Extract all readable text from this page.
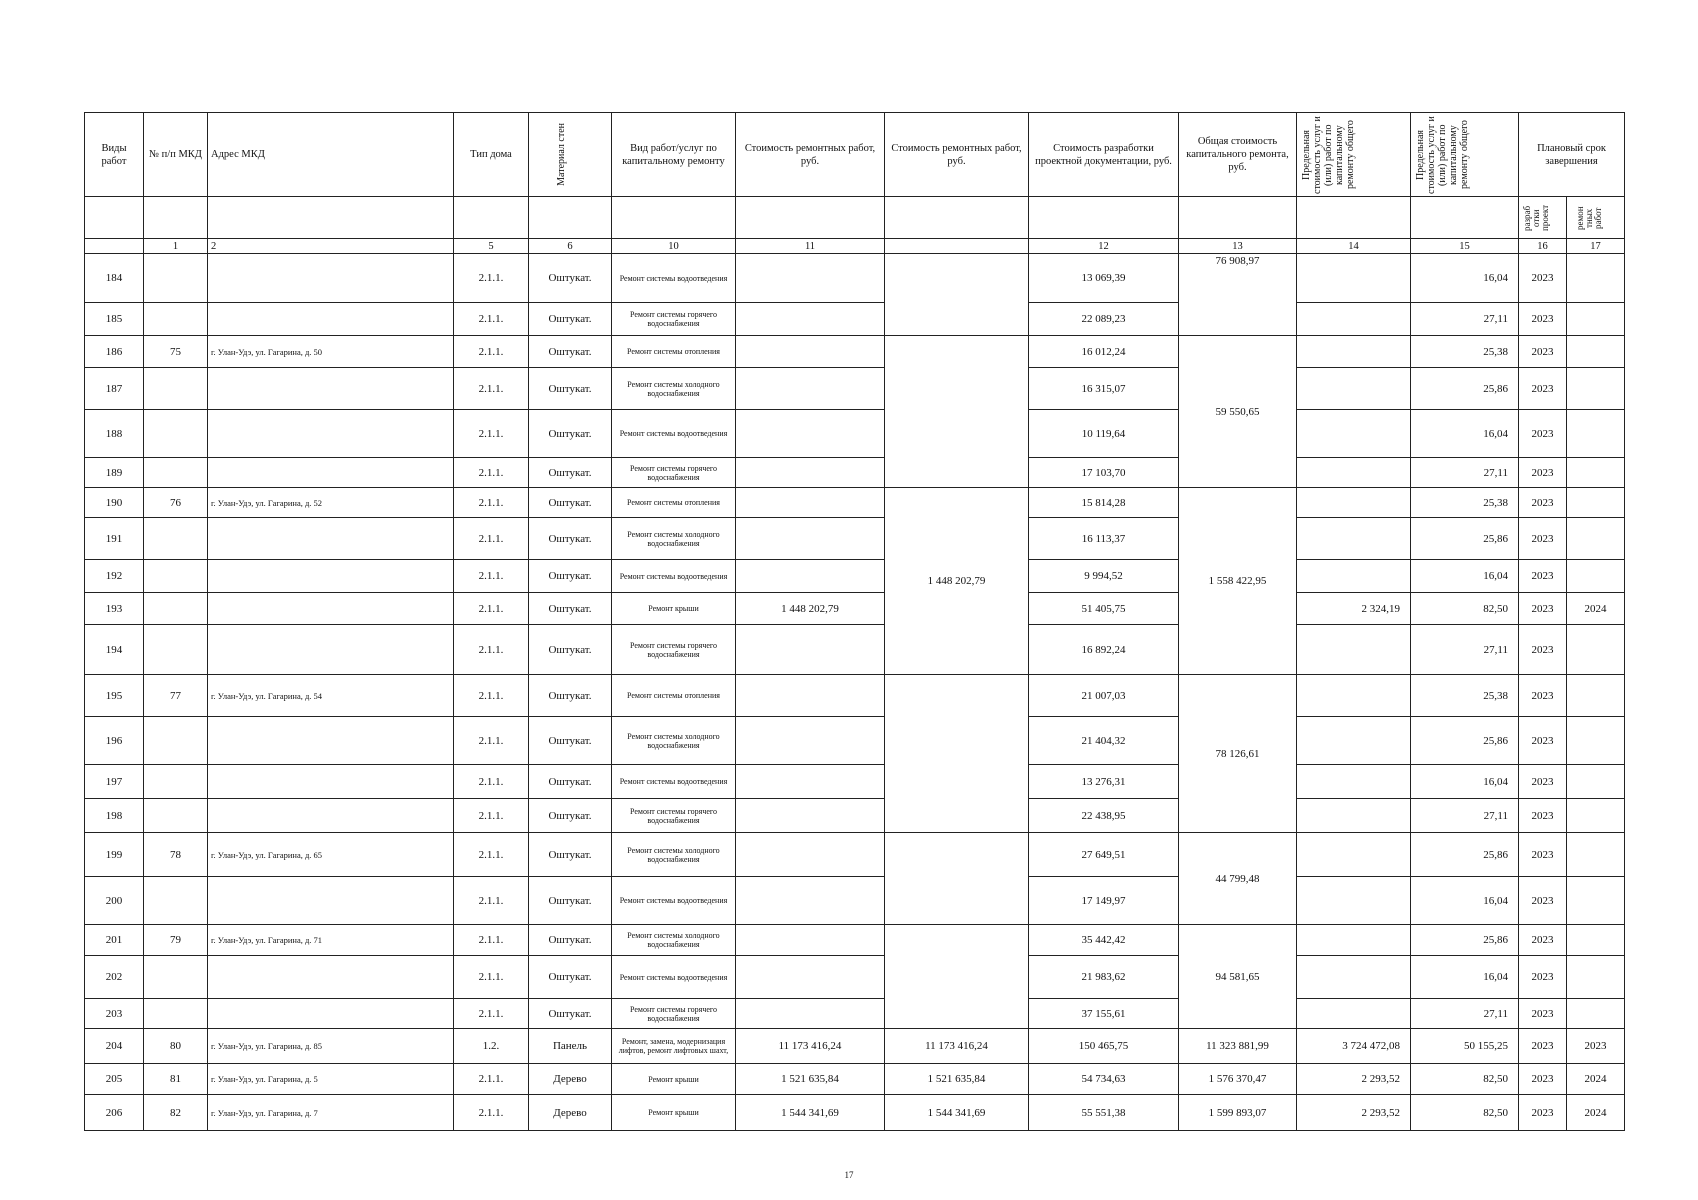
Виды работ	№ п/п МКД	Адрес МКД	Тип дома	Материал стен	Вид работ/услуг по капитальному ремонту	Стоимость ремонтных работ, руб.	Стоимость ремонтных работ, руб.	Стоимость разработки проектной документации, руб.	Общая стоимость капитального ремонта, руб.	Предельная стоимость услуг и (или) работ по капитальному ремонту общего	Предельная стоимость услуг и (или) работ по капитальному ремонту общего	Плановый срок завершения	

												разраб отки проект	ремон тных работ

	1	2	5	6	10	11		12	13	14	15	16	17
184			2.1.1.	Оштукат.	Ремонт системы водоотведения			13 069,39	76 908,97		16,04	2023	
185			2.1.1.	Оштукат.	Ремонт системы горячего водоснабжения			22 089,23			27,11	2023	
186	75	г. Улан-Удэ, ул. Гагарина, д. 50	2.1.1.	Оштукат.	Ремонт системы отопления			16 012,24	59 550,65		25,38	2023	
187			2.1.1.	Оштукат.	Ремонт системы холодного водоснабжения			16 315,07			25,86	2023	
188			2.1.1.	Оштукат.	Ремонт системы водоотведения			10 119,64			16,04	2023	
189			2.1.1.	Оштукат.	Ремонт системы горячего водоснабжения			17 103,70			27,11	2023	
190	76	г. Улан-Удэ, ул. Гагарина, д. 52	2.1.1.	Оштукат.	Ремонт системы отопления		1 448 202,79	15 814,28	1 558 422,95		25,38	2023	
191			2.1.1.	Оштукат.	Ремонт системы холодного водоснабжения			16 113,37			25,86	2023	
192			2.1.1.	Оштукат.	Ремонт системы водоотведения			9 994,52			16,04	2023	
193			2.1.1.	Оштукат.	Ремонт крыши	1 448 202,79		51 405,75		2 324,19	82,50	2023	2024
194			2.1.1.	Оштукат.	Ремонт системы горячего водоснабжения			16 892,24			27,11	2023	
195	77	г. Улан-Удэ, ул. Гагарина, д. 54	2.1.1.	Оштукат.	Ремонт системы отопления			21 007,03	78 126,61		25,38	2023	
196			2.1.1.	Оштукат.	Ремонт системы холодного водоснабжения			21 404,32			25,86	2023	
197			2.1.1.	Оштукат.	Ремонт системы водоотведения			13 276,31			16,04	2023	
198			2.1.1.	Оштукат.	Ремонт системы горячего водоснабжения			22 438,95			27,11	2023	
199	78	г. Улан-Удэ, ул. Гагарина, д. 65	2.1.1.	Оштукат.	Ремонт системы холодного водоснабжения			27 649,51	44 799,48		25,86	2023	
200			2.1.1.	Оштукат.	Ремонт системы водоотведения			17 149,97			16,04	2023	
201	79	г. Улан-Удэ, ул. Гагарина, д. 71	2.1.1.	Оштукат.	Ремонт системы холодного водоснабжения			35 442,42	94 581,65		25,86	2023	
202			2.1.1.	Оштукат.	Ремонт системы водоотведения			21 983,62			16,04	2023	
203			2.1.1.	Оштукат.	Ремонт системы горячего водоснабжения			37 155,61			27,11	2023	
204	80	г. Улан-Удэ, ул. Гагарина, д. 85	1.2.	Панель	Ремонт, замена, модернизация лифтов, ремонт лифтовых шахт,	11 173 416,24	11 173 416,24	150 465,75	11 323 881,99	3 724 472,08	50 155,25	2023	2023
205	81	г. Улан-Удэ, ул. Гагарина, д. 5	2.1.1.	Дерево	Ремонт крыши	1 521 635,84	1 521 635,84	54 734,63	1 576 370,47	2 293,52	82,50	2023	2024
206	82	г. Улан-Удэ, ул. Гагарина, д. 7	2.1.1.	Дерево	Ремонт крыши	1 544 341,69	1 544 341,69	55 551,38	1 599 893,07	2 293,52	82,50	2023	2024
17
